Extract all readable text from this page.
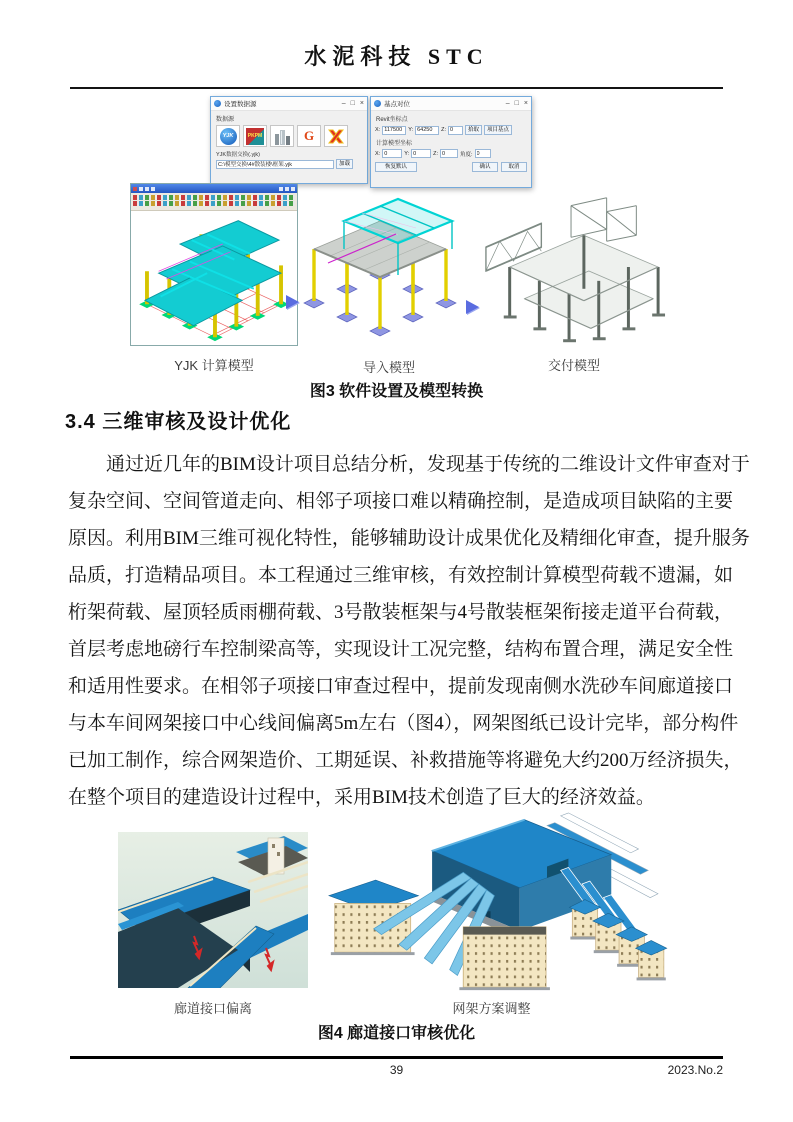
水泥科技 STC
设置数据源	– □ ×
数据源
YJK	PKPM	G
YJK数据交换(.yjk)
C:\模型交换\4#散装楼\框架.yjk
加载
基点对位	– □ ×
Revit坐标点
X:
117500	Y:
64250	Z:
0	拾取	项目基点
计算模型坐标
X:
0	Y:
0	Z:
0	角度:
0
恢复默认	确认	取消
YJK 计算模型	导入模型	交付模型
图3 软件设置及模型转换
3.4 三维审核及设计优化
通过近几年的BIM设计项目总结分析，发现基于传统的二维设计文件审查对于
复杂空间、空间管道走向、相邻子项接口难以精确控制，是造成项目缺陷的主要
原因。利用BIM三维可视化特性，能够辅助设计成果优化及精细化审查，提升服务
品质，打造精品项目。本工程通过三维审核，有效控制计算模型荷载不遗漏，如
桁架荷载、屋顶轻质雨棚荷载、3号散装框架与4号散装框架衔接走道平台荷载，
首层考虑地磅行车控制梁高等，实现设计工况完整，结构布置合理，满足安全性
和适用性要求。在相邻子项接口审查过程中，提前发现南侧水洗砂车间廊道接口
与本车间网架接口中心线间偏离5m左右（图4），网架图纸已设计完毕，部分构件
已加工制作，综合网架造价、工期延误、补救措施等将避免大约200万经济损失，
在整个项目的建造设计过程中，采用BIM技术创造了巨大的经济效益。
廊道接口偏离	网架方案调整
图4 廊道接口审核优化
39	2023.No.2
